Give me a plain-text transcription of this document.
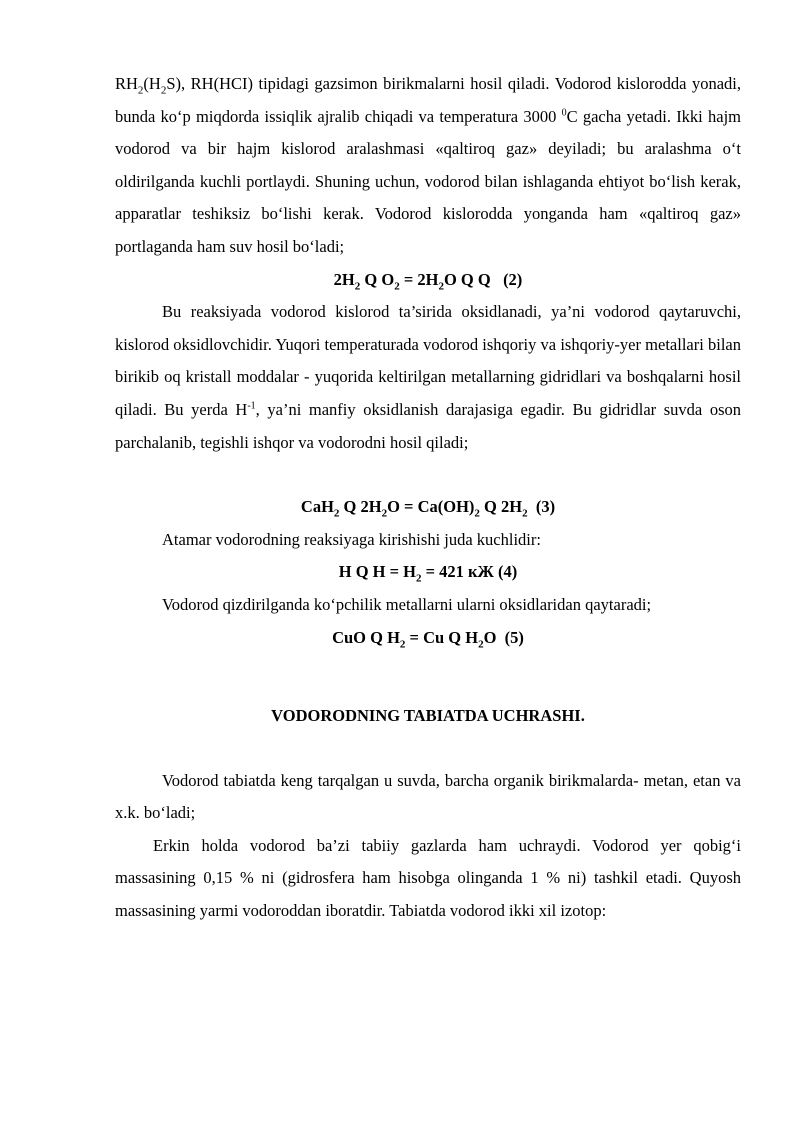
$RH_2(H_2S)$, RH(HCI) tipidagi gazsimon birikmalarni hosil qiladi. Vodorod kislorodda yonadi, bunda ko‘p miqdorda issiqlik ajralib chiqadi va temperatura 3000 $^0$C gacha yetadi. Ikki hajm vodorod va bir hajm kislorod aralashmasi «qaltiroq gaz» deyiladi; bu aralashma o‘t oldirilganda kuchli portlaydi. Shuning uchun, vodorod bilan ishlaganda ehtiyot bo‘lish kerak, apparatlar teshiksiz bo‘lishi kerak. Vodorod kislorodda yonganda ham «qaltiroq gaz» portlaganda ham suv hosil bo‘ladi;

$2H_2$ Q $O_2 = 2H_2O$ Q Q   (2)

Bu reaksiyada vodorod kislorod ta’sirida oksidlanadi, ya’ni vodorod qaytaruvchi, kislorod oksidlovchidir. Yuqori temperaturada vodorod ishqoriy va ishqoriy-yer metallari bilan birikib oq kristall moddalar - yuqorida keltirilgan metallarning gidridlari va boshqalarni hosil qiladi. Bu yerda $H^{-1}$, ya’ni manfiy oksidlanish darajasiga egadir. Bu gidridlar suvda oson parchalanib, tegishli ishqor va vodorodni hosil qiladi;

CaH$_2$ Q $2H_2O = Ca(OH)_2$ Q $2H_2$  (3)

Atamar vodorodning reaksiyaga kirishishi juda kuchlidir:

H Q $H = H_2 = 421$ кЖ (4)

Vodorod qizdirilganda ko‘pchilik metallarni ularni oksidlaridan qaytaradi;

CuO Q $H_2 = Cu$ Q $H_2O$  (5)

VODORODNING TABIATDA UCHRASHI.

Vodorod tabiatda keng tarqalgan u suvda, barcha organik birikmalarda- metan, etan va x.k. bo‘ladi;

Erkin holda vodorod ba’zi tabiiy gazlarda ham uchraydi. Vodorod yer qobig‘i massasining 0,15 % ni (gidrosfera ham hisobga olinganda 1 % ni) tashkil etadi. Quyosh massasining yarmi vodoroddan iboratdir. Tabiatda vodorod ikki xil izotop:
